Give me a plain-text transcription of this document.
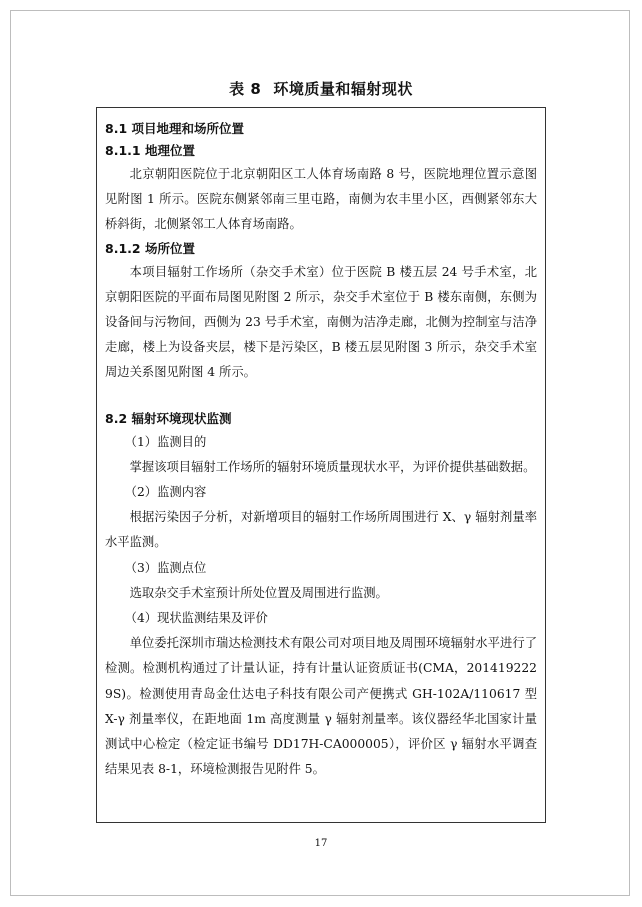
表 8 环境质量和辐射现状

8.1 项目地理和场所位置

8.1.1 地理位置

北京朝阳医院位于北京朝阳区工人体育场南路 8 号，医院地理位置示意图见附图 1 所示。医院东侧紧邻南三里屯路，南侧为农丰里小区，西侧紧邻东大桥斜街，北侧紧邻工人体育场南路。

8.1.2 场所位置

本项目辐射工作场所（杂交手术室）位于医院 B 楼五层 24 号手术室，北京朝阳医院的平面布局图见附图 2 所示，杂交手术室位于 B 楼东南侧，东侧为设备间与污物间，西侧为 23 号手术室，南侧为洁净走廊，北侧为控制室与洁净走廊，楼上为设备夹层，楼下是污染区，B 楼五层见附图 3 所示，杂交手术室周边关系图见附图 4 所示。

8.2 辐射环境现状监测

（1）监测目的

掌握该项目辐射工作场所的辐射环境质量现状水平，为评价提供基础数据。

（2）监测内容

根据污染因子分析，对新增项目的辐射工作场所周围进行 X、γ 辐射剂量率水平监测。

（3）监测点位

选取杂交手术室预计所处位置及周围进行监测。

（4）现状监测结果及评价

单位委托深圳市瑞达检测技术有限公司对项目地及周围环境辐射水平进行了检测。检测机构通过了计量认证，持有计量认证资质证书(CMA，2014192229S)。检测使用青岛金仕达电子科技有限公司产便携式 GH-102A/110617 型 X-γ 剂量率仪，在距地面 1m 高度测量 γ 辐射剂量率。该仪器经华北国家计量测试中心检定（检定证书编号 DD17H-CA000005），评价区 γ 辐射水平调查结果见表 8-1，环境检测报告见附件 5。

17
